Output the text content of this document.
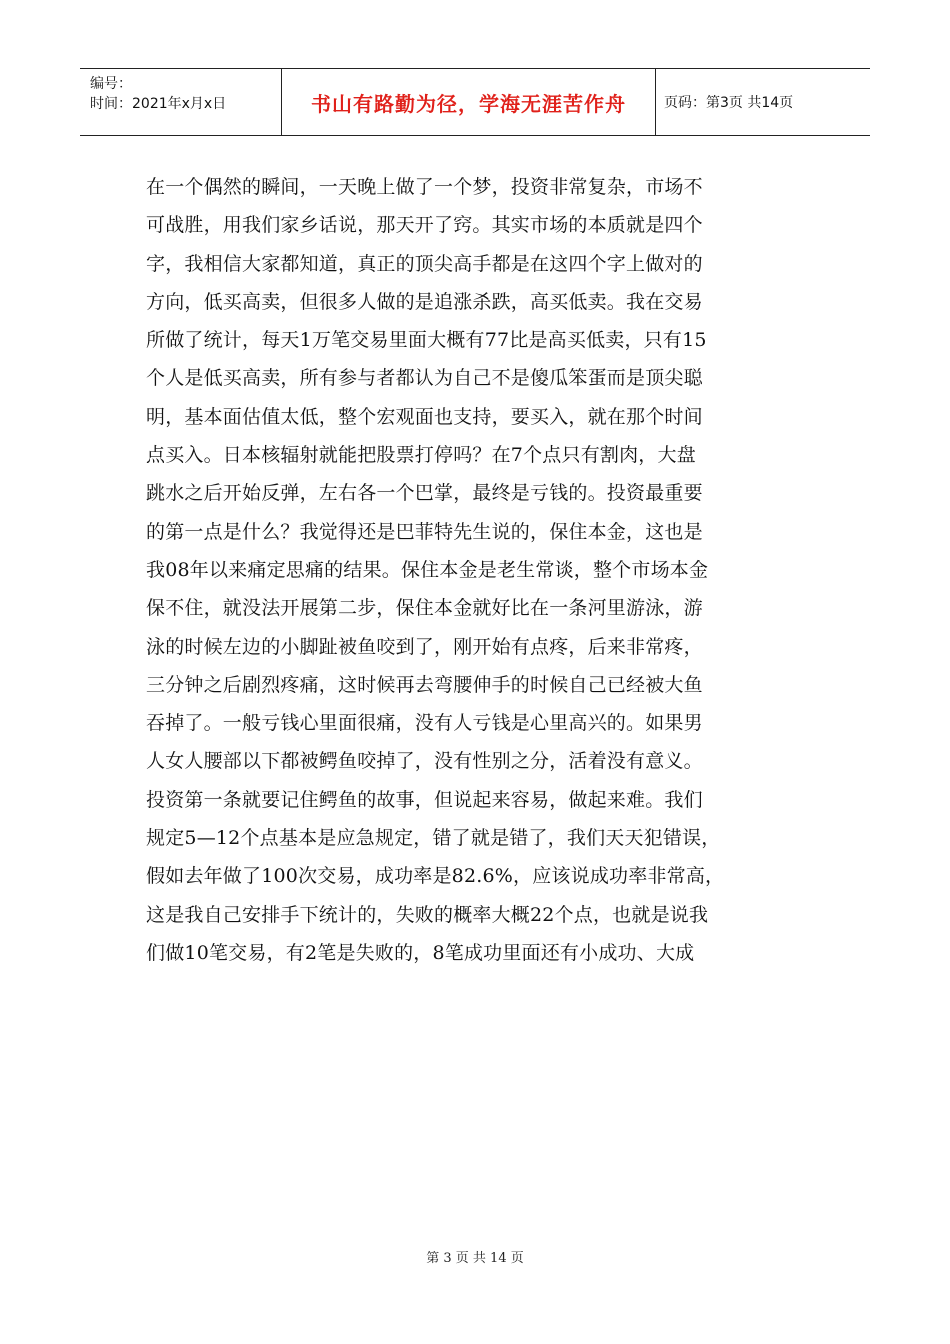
编号：
时间：2021年x月x日	书山有路勤为径，学海无涯苦作舟	页码：第3页 共14页
在一个偶然的瞬间，一天晚上做了一个梦，投资非常复杂，市场不
可战胜，用我们家乡话说，那天开了窍。其实市场的本质就是四个
字，我相信大家都知道，真正的顶尖高手都是在这四个字上做对的
方向，低买高卖，但很多人做的是追涨杀跌，高买低卖。我在交易
所做了统计，每天1万笔交易里面大概有77比是高买低卖，只有15
个人是低买高卖，所有参与者都认为自己不是傻瓜笨蛋而是顶尖聪
明，基本面估值太低，整个宏观面也支持，要买入，就在那个时间
点买入。日本核辐射就能把股票打停吗？在7个点只有割肉，大盘
跳水之后开始反弹，左右各一个巴掌，最终是亏钱的。投资最重要
的第一点是什么？我觉得还是巴菲特先生说的，保住本金，这也是
我08年以来痛定思痛的结果。保住本金是老生常谈，整个市场本金
保不住，就没法开展第二步，保住本金就好比在一条河里游泳，游
泳的时候左边的小脚趾被鱼咬到了，刚开始有点疼，后来非常疼，
三分钟之后剧烈疼痛，这时候再去弯腰伸手的时候自己已经被大鱼
吞掉了。一般亏钱心里面很痛，没有人亏钱是心里高兴的。如果男
人女人腰部以下都被鳄鱼咬掉了，没有性别之分，活着没有意义。
投资第一条就要记住鳄鱼的故事，但说起来容易，做起来难。我们
规定5—12个点基本是应急规定，错了就是错了，我们天天犯错误，
假如去年做了100次交易，成功率是82.6%，应该说成功率非常高，
这是我自己安排手下统计的，失败的概率大概22个点，也就是说我
们做10笔交易，有2笔是失败的，8笔成功里面还有小成功、大成
第 3 页 共 14 页
